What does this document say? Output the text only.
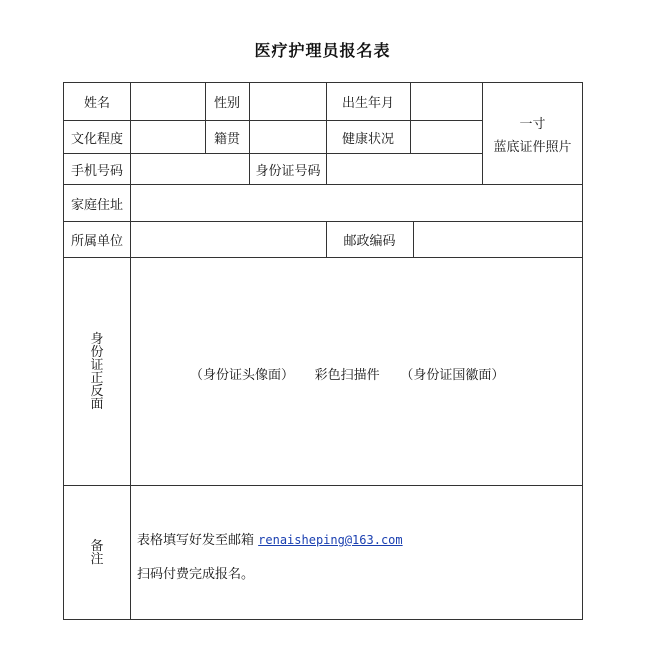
医疗护理员报名表
姓名	性别	出生年月
文化程度	籍贯	健康状况
手机号码	身份证号码
一寸
蓝底证件照片
家庭住址
所属单位	邮政编码
身
份
证
正
反
面
（身份证头像面）     彩色扫描件     （身份证国徽面）
备
注
表格填写好发至邮箱 renaisheping@163.com
扫码付费完成报名。
